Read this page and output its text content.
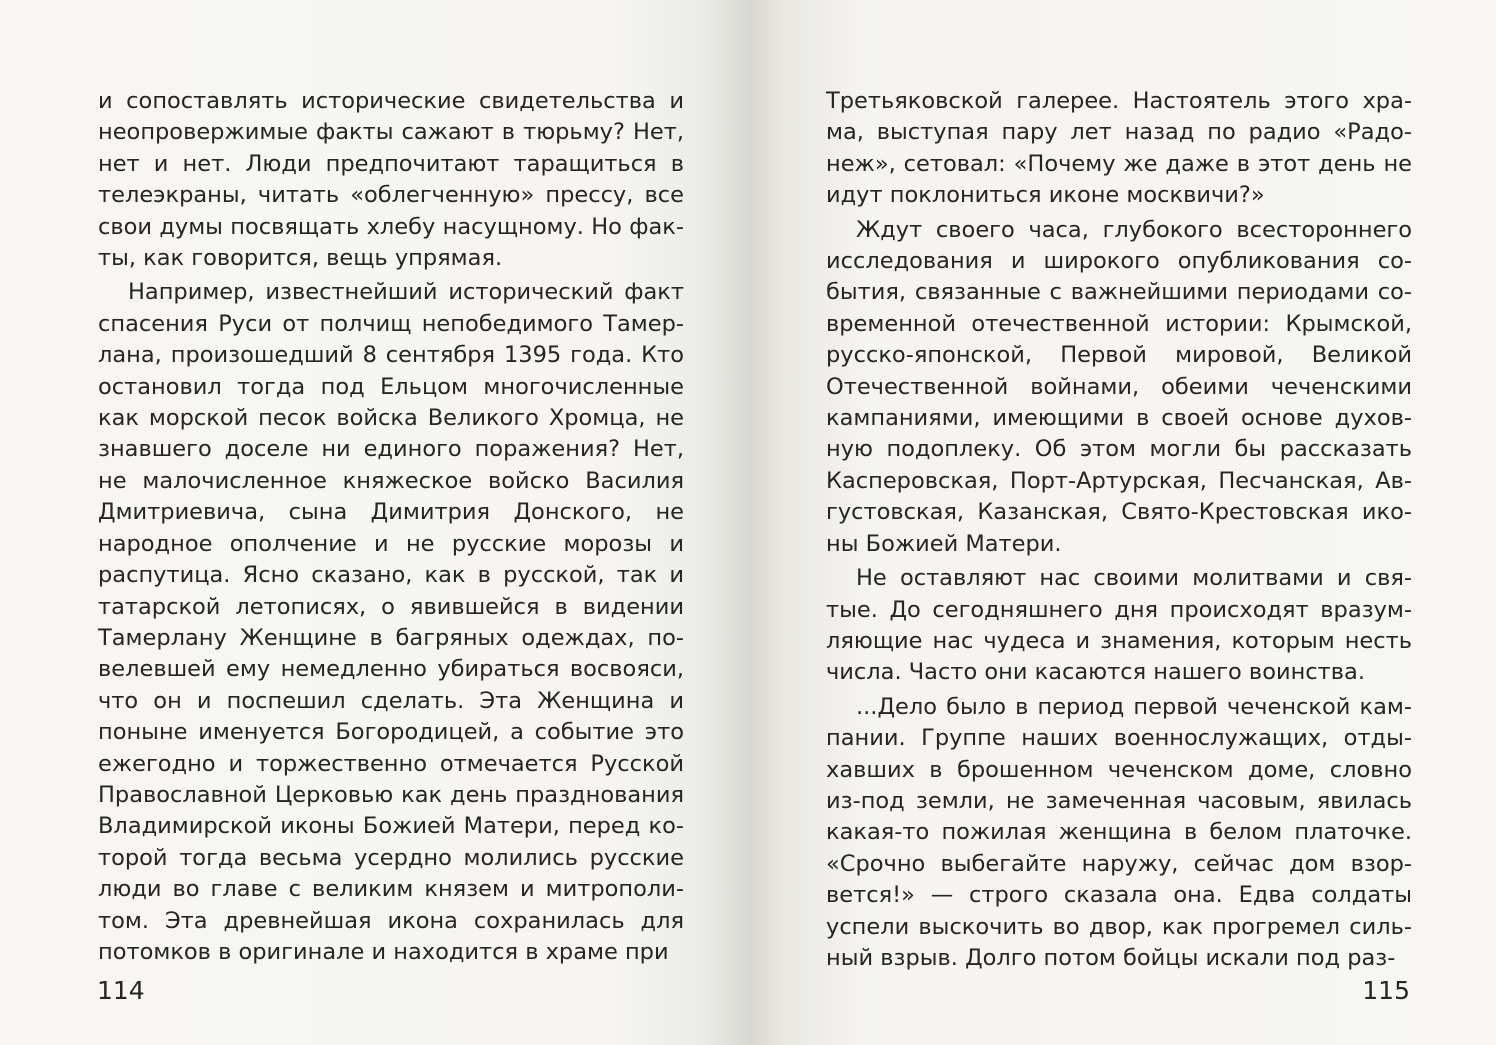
и сопоставлять исторические свидетельства и неопровержимые факты сажают в тюрьму? Нет, нет и нет. Люди предпочитают таращиться в телеэкраны, читать «облегченную» прессу, все свои думы посвящать хлебу насущному. Но факты, как говорится, вещь упрямая.

Например, известнейший исторический факт спасения Руси от полчищ непобедимого Тамерлана, произошедший 8 сентября 1395 года. Кто остановил тогда под Ельцом многочисленные как морской песок войска Великого Хромца, не знавшего доселе ни единого поражения? Нет, не малочисленное княжеское войско Василия Дмитриевича, сына Димитрия Донского, не народное ополчение и не русские морозы и распутица. Ясно сказано, как в русской, так и татарской летописях, о явившейся в видении Тамерлану Женщине в багряных одеждах, повелевшей ему немедленно убираться восвояси, что он и поспешил сделать. Эта Женщина и поныне именуется Богородицей, а событие это ежегодно и торжественно отмечается Русской Православной Церковью как день празднования Владимирской иконы Божией Матери, перед которой тогда весьма усердно молились русские люди во главе с великим князем и митрополитом. Эта древнейшая икона сохранилась для потомков в оригинале и находится в храме при

114

Третьяковской галерее. Настоятель этого храма, выступая пару лет назад по радио «Радонеж», сетовал: «Почему же даже в этот день не идут поклониться иконе москвичи?»

Ждут своего часа, глубокого всестороннего исследования и широкого опубликования события, связанные с важнейшими периодами современной отечественной истории: Крымской, русско-японской, Первой мировой, Великой Отечественной войнами, обеими чеченскими кампаниями, имеющими в своей основе духовную подоплеку. Об этом могли бы рассказать Касперовская, Порт-Артурская, Песчанская, Августовская, Казанская, Свято-Крестовская иконы Божией Матери.

Не оставляют нас своими молитвами и святые. До сегодняшнего дня происходят вразумляющие нас чудеса и знамения, которым несть числа. Часто они касаются нашего воинства.

...Дело было в период первой чеченской кампании. Группе наших военнослужащих, отдыхавших в брошенном чеченском доме, словно из-под земли, не замеченная часовым, явилась какая-то пожилая женщина в белом платочке. «Срочно выбегайте наружу, сейчас дом взорвется!» — строго сказала она. Едва солдаты успели выскочить во двор, как прогремел сильный взрыв. Долго потом бойцы искали под раз-

115
